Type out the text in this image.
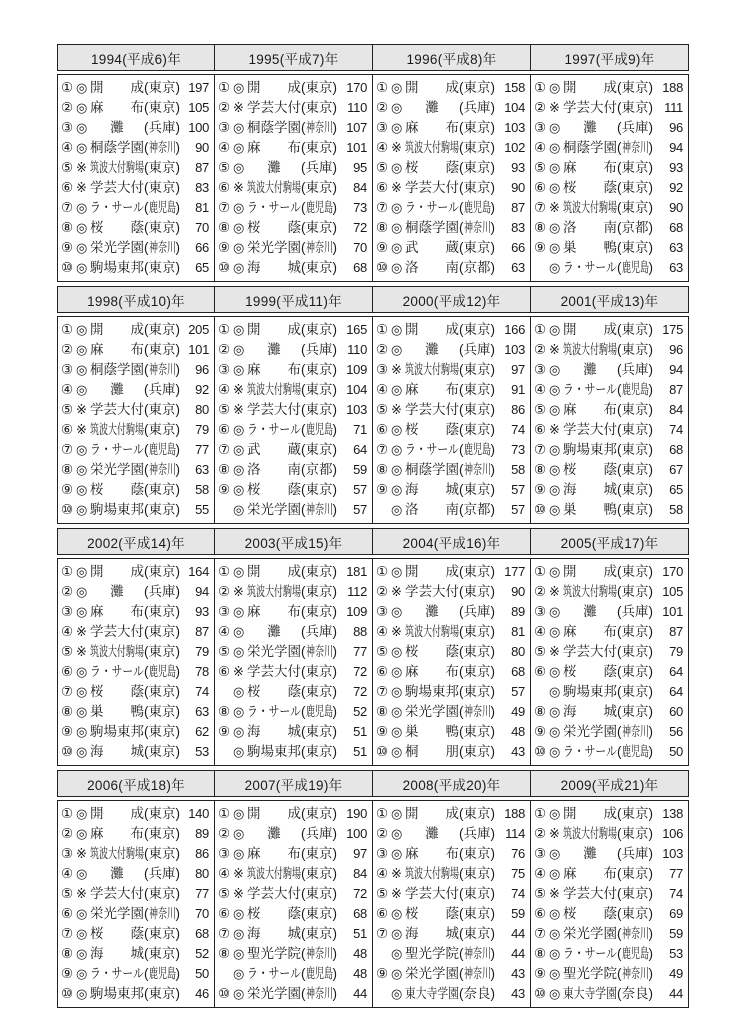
1994(平成6)年
① ◎ 開 成 ( 東京 ) 197
② ◎ 麻 布 ( 東京 ) 105
③ ◎	灘	( 兵庫 ) 100
④ ◎ 桐 蔭 学 園 ( 神奈川 )	90
⑤ ※ 筑波大付駒場 ( 東京 )	87
⑥ ※ 学 芸 大 付 ( 東京 )	83
⑦ ◎ ラ・サール ( 鹿児島 )	81
⑧ ◎ 桜 蔭 ( 東京 )	70
⑨ ◎ 栄 光 学 園 ( 神奈川 )	66
⑩ ◎ 駒 場 東 邦 ( 東京 )	65
1995(平成7)年
① ◎ 開 成 ( 東京 ) 170
② ※ 学 芸 大 付 ( 東京 ) 110
③ ◎ 桐 蔭 学 園 ( 神奈川 ) 107
④ ◎ 麻 布 ( 東京 ) 101
⑤ ◎	灘	( 兵庫 )	95
⑥ ※ 筑波大付駒場 ( 東京 )	84
⑦ ◎ ラ・サール ( 鹿児島 )	73
⑧ ◎ 桜 蔭 ( 東京 )	72
⑨ ◎ 栄 光 学 園 ( 神奈川 )	70
⑩ ◎ 海 城 ( 東京 )	68
1996(平成8)年
① ◎ 開 成 ( 東京 ) 158
② ◎	灘	( 兵庫 ) 104
③ ◎ 麻 布 ( 東京 ) 103
④ ※ 筑波大付駒場 ( 東京 ) 102
⑤ ◎ 桜 蔭 ( 東京 )	93
⑥ ※ 学 芸 大 付 ( 東京 )	90
⑦ ◎ ラ・サール ( 鹿児島 )	87
⑧ ◎ 桐 蔭 学 園 ( 神奈川 )	83
⑨ ◎ 武 蔵 ( 東京 )	66
⑩ ◎ 洛 南 ( 京都 )	63
1997(平成9)年
① ◎ 開 成 ( 東京 ) 188
② ※ 学 芸 大 付 ( 東京 ) 111
③ ◎	灘	( 兵庫 )	96
④ ◎ 桐 蔭 学 園 ( 神奈川 )	94
⑤ ◎ 麻 布 ( 東京 )	93
⑥ ◎ 桜 蔭 ( 東京 )	92
⑦ ※ 筑波大付駒場 ( 東京 )	90
⑧ ◎ 洛 南 ( 京都 )	68
⑨ ◎ 巣 鴨 ( 東京 )	63
◎ ラ・サール ( 鹿児島 )	63
1998(平成10)年
① ◎ 開 成 ( 東京 ) 205
② ◎ 麻 布 ( 東京 ) 101
③ ◎ 桐 蔭 学 園 ( 神奈川 )	96
④ ◎	灘	( 兵庫 )	92
⑤ ※ 学 芸 大 付 ( 東京 )	80
⑥ ※ 筑波大付駒場 ( 東京 )	79
⑦ ◎ ラ・サール ( 鹿児島 )	77
⑧ ◎ 栄 光 学 園 ( 神奈川 )	63
⑨ ◎ 桜 蔭 ( 東京 )	58
⑩ ◎ 駒 場 東 邦 ( 東京 )	55
1999(平成11)年
① ◎ 開 成 ( 東京 ) 165
② ◎	灘	( 兵庫 ) 110
③ ◎ 麻 布 ( 東京 ) 109
④ ※ 筑波大付駒場 ( 東京 ) 104
⑤ ※ 学 芸 大 付 ( 東京 ) 103
⑥ ◎ ラ・サール ( 鹿児島 )	71
⑦ ◎ 武 蔵 ( 東京 )	64
⑧ ◎ 洛 南 ( 京都 )	59
⑨ ◎ 桜 蔭 ( 東京 )	57
◎ 栄 光 学 園 ( 神奈川 )	57
2000(平成12)年
① ◎ 開 成 ( 東京 ) 166
② ◎	灘	( 兵庫 ) 103
③ ※ 筑波大付駒場 ( 東京 )	97
④ ◎ 麻 布 ( 東京 )	91
⑤ ※ 学 芸 大 付 ( 東京 )	86
⑥ ◎ 桜 蔭 ( 東京 )	74
⑦ ◎ ラ・サール ( 鹿児島 )	73
⑧ ◎ 桐 蔭 学 園 ( 神奈川 )	58
⑨ ◎ 海 城 ( 東京 )	57
◎ 洛 南 ( 京都 )	57
2001(平成13)年
① ◎ 開 成 ( 東京 ) 175
② ※ 筑波大付駒場 ( 東京 )	96
③ ◎	灘	( 兵庫 )	94
④ ◎ ラ・サール ( 鹿児島 )	87
⑤ ◎ 麻 布 ( 東京 )	84
⑥ ※ 学 芸 大 付 ( 東京 )	74
⑦ ◎ 駒 場 東 邦 ( 東京 )	68
⑧ ◎ 桜 蔭 ( 東京 )	67
⑨ ◎ 海 城 ( 東京 )	65
⑩ ◎ 巣 鴨 ( 東京 )	58
2002(平成14)年
① ◎ 開 成 ( 東京 ) 164
② ◎	灘	( 兵庫 )	94
③ ◎ 麻 布 ( 東京 )	93
④ ※ 学 芸 大 付 ( 東京 )	87
⑤ ※ 筑波大付駒場 ( 東京 )	79
⑥ ◎ ラ・サール ( 鹿児島 )	78
⑦ ◎ 桜 蔭 ( 東京 )	74
⑧ ◎ 巣 鴨 ( 東京 )	63
⑨ ◎ 駒 場 東 邦 ( 東京 )	62
⑩ ◎ 海 城 ( 東京 )	53
2003(平成15)年
① ◎ 開 成 ( 東京 ) 181
② ※ 筑波大付駒場 ( 東京 ) 112
③ ◎ 麻 布 ( 東京 ) 109
④ ◎	灘	( 兵庫 )	88
⑤ ◎ 栄 光 学 園 ( 神奈川 )	77
⑥ ※ 学 芸 大 付 ( 東京 )	72
◎ 桜 蔭 ( 東京 )	72
⑧ ◎ ラ・サール ( 鹿児島 )	52
⑨ ◎ 海 城 ( 東京 )	51
◎ 駒 場 東 邦 ( 東京 )	51
2004(平成16)年
① ◎ 開 成 ( 東京 ) 177
② ※ 学 芸 大 付 ( 東京 )	90
③ ◎	灘	( 兵庫 )	89
④ ※ 筑波大付駒場 ( 東京 )	81
⑤ ◎ 桜 蔭 ( 東京 )	80
⑥ ◎ 麻 布 ( 東京 )	68
⑦ ◎ 駒 場 東 邦 ( 東京 )	57
⑧ ◎ 栄 光 学 園 ( 神奈川 )	49
⑨ ◎ 巣 鴨 ( 東京 )	48
⑩ ◎ 桐 朋 ( 東京 )	43
2005(平成17)年
① ◎ 開 成 ( 東京 ) 170
② ※ 筑波大付駒場 ( 東京 ) 105
③ ◎	灘	( 兵庫 ) 101
④ ◎ 麻 布 ( 東京 )	87
⑤ ※ 学 芸 大 付 ( 東京 )	79
⑥ ◎ 桜 蔭 ( 東京 )	64
◎ 駒 場 東 邦 ( 東京 )	64
⑧ ◎ 海 城 ( 東京 )	60
⑨ ◎ 栄 光 学 園 ( 神奈川 )	56
⑩ ◎ ラ・サール ( 鹿児島 )	50
2006(平成18)年
① ◎ 開 成 ( 東京 ) 140
② ◎ 麻 布 ( 東京 )	89
③ ※ 筑波大付駒場 ( 東京 )	86
④ ◎	灘	( 兵庫 )	80
⑤ ※ 学 芸 大 付 ( 東京 )	77
⑥ ◎ 栄 光 学 園 ( 神奈川 )	70
⑦ ◎ 桜 蔭 ( 東京 )	68
⑧ ◎ 海 城 ( 東京 )	52
⑨ ◎ ラ・サール ( 鹿児島 )	50
⑩ ◎ 駒 場 東 邦 ( 東京 )	46
2007(平成19)年
① ◎ 開 成 ( 東京 ) 190
② ◎	灘	( 兵庫 ) 100
③ ◎ 麻 布 ( 東京 )	97
④ ※ 筑波大付駒場 ( 東京 )	84
⑤ ※ 学 芸 大 付 ( 東京 )	72
⑥ ◎ 桜 蔭 ( 東京 )	68
⑦ ◎ 海 城 ( 東京 )	51
⑧ ◎ 聖 光 学 院 ( 神奈川 )	48
◎ ラ・サール ( 鹿児島 )	48
⑩ ◎ 栄 光 学 園 ( 神奈川 )	44
2008(平成20)年
① ◎ 開 成 ( 東京 ) 188
② ◎	灘	( 兵庫 ) 114
③ ◎ 麻 布 ( 東京 )	76
④ ※ 筑波大付駒場 ( 東京 )	75
⑤ ※ 学 芸 大 付 ( 東京 )	74
⑥ ◎ 桜 蔭 ( 東京 )	59
⑦ ◎ 海 城 ( 東京 )	44
◎ 聖 光 学 院 ( 神奈川 )	44
⑨ ◎ 栄 光 学 園 ( 神奈川 )	43
◎ 東大寺学園 ( 奈良 )	43
2009(平成21)年
① ◎ 開 成 ( 東京 ) 138
② ※ 筑波大付駒場 ( 東京 ) 106
③ ◎	灘	( 兵庫 ) 103
④ ◎ 麻 布 ( 東京 )	77
⑤ ※ 学 芸 大 付 ( 東京 )	74
⑥ ◎ 桜 蔭 ( 東京 )	69
⑦ ◎ 栄 光 学 園 ( 神奈川 )	59
⑧ ◎ ラ・サール ( 鹿児島 )	53
⑨ ◎ 聖 光 学 院 ( 神奈川 )	49
⑩ ◎ 東大寺学園 ( 奈良 )	44
